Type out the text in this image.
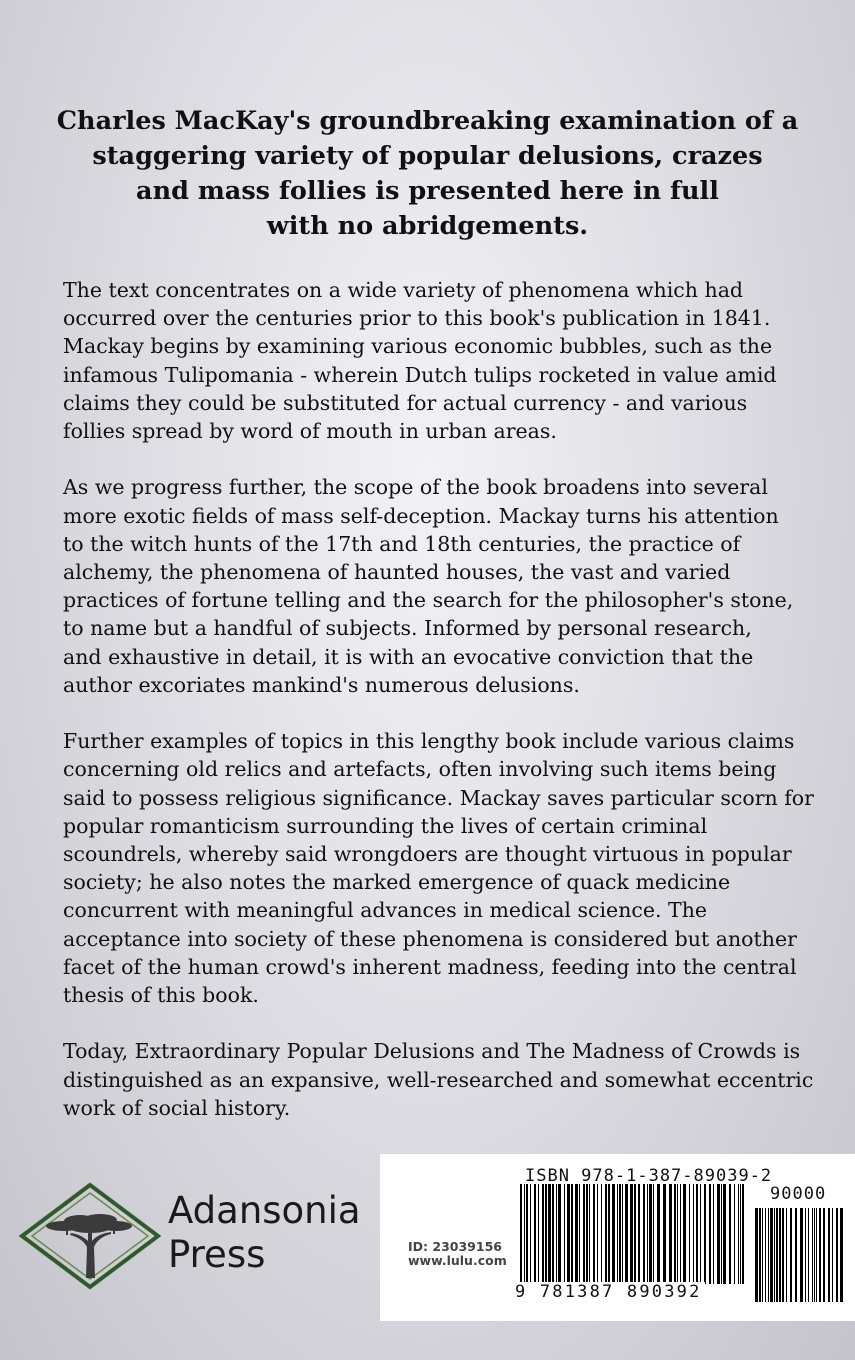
Charles MacKay's groundbreaking examination of a
staggering variety of popular delusions, crazes
and mass follies is presented here in full
with no abridgements.

The text concentrates on a wide variety of phenomena which had
occurred over the centuries prior to this book's publication in 1841.
Mackay begins by examining various economic bubbles, such as the
infamous Tulipomania - wherein Dutch tulips rocketed in value amid
claims they could be substituted for actual currency - and various
follies spread by word of mouth in urban areas.

As we progress further, the scope of the book broadens into several
more exotic fields of mass self-deception. Mackay turns his attention
to the witch hunts of the 17th and 18th centuries, the practice of
alchemy, the phenomena of haunted houses, the vast and varied
practices of fortune telling and the search for the philosopher's stone,
to name but a handful of subjects. Informed by personal research,
and exhaustive in detail, it is with an evocative conviction that the
author excoriates mankind's numerous delusions.

Further examples of topics in this lengthy book include various claims
concerning old relics and artefacts, often involving such items being
said to possess religious significance. Mackay saves particular scorn for
popular romanticism surrounding the lives of certain criminal
scoundrels, whereby said wrongdoers are thought virtuous in popular
society; he also notes the marked emergence of quack medicine
concurrent with meaningful advances in medical science. The
acceptance into society of these phenomena is considered but another
facet of the human crowd's inherent madness, feeding into the central
thesis of this book.

Today, Extraordinary Popular Delusions and The Madness of Crowds is
distinguished as an expansive, well-researched and somewhat eccentric
work of social history.

Adansonia
Press	ID: 23039156
www.lulu.com
ISBN 978-1-387-89039-2
90000
9 781387 890392
